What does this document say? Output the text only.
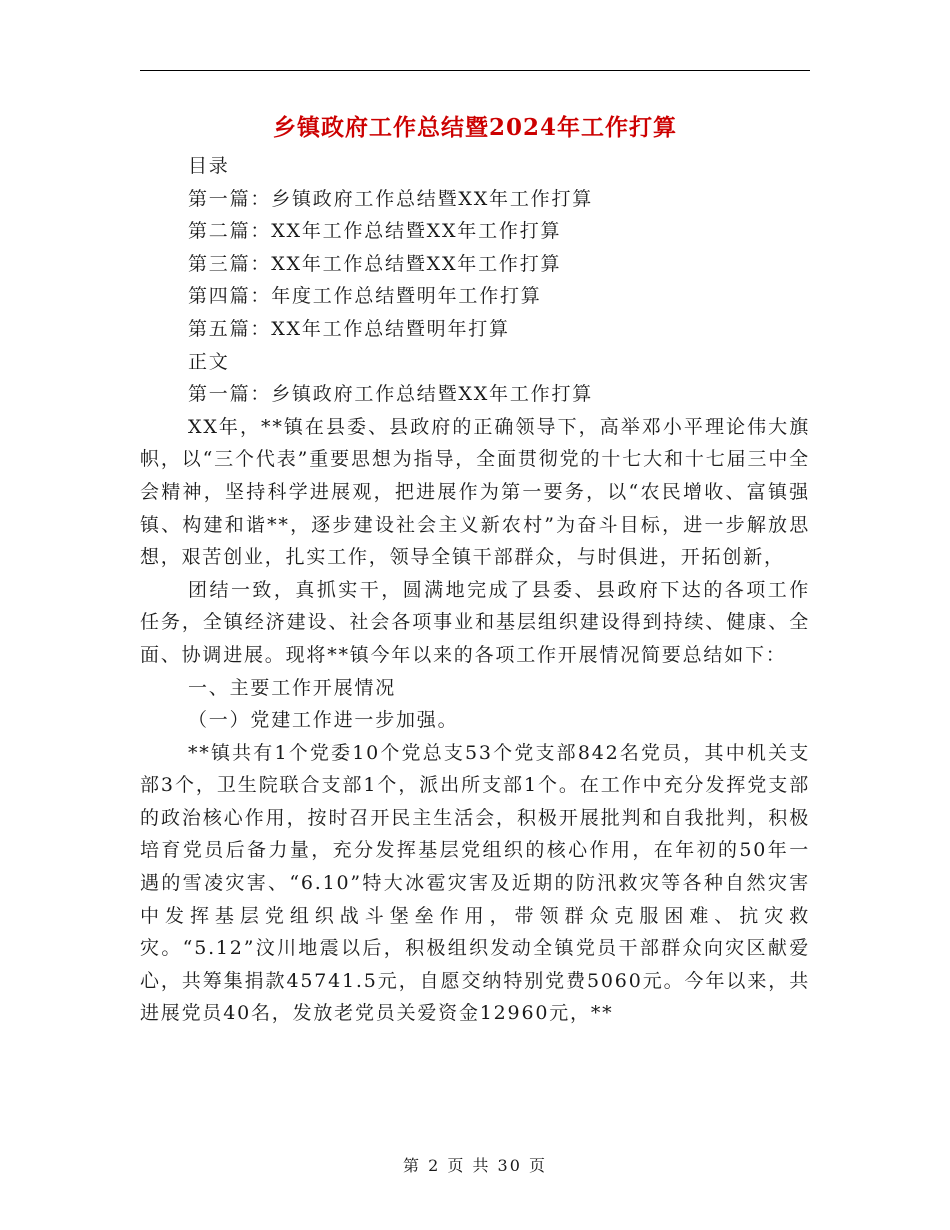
乡镇政府工作总结暨2024年工作打算

目录

第一篇：乡镇政府工作总结暨XX年工作打算

第二篇：XX年工作总结暨XX年工作打算

第三篇：XX年工作总结暨XX年工作打算

第四篇：年度工作总结暨明年工作打算

第五篇：XX年工作总结暨明年打算

正文

第一篇：乡镇政府工作总结暨XX年工作打算

XX年，**镇在县委、县政府的正确领导下，高举邓小平理论伟大旗帜，以“三个代表”重要思想为指导，全面贯彻党的十七大和十七届三中全会精神，坚持科学进展观，把进展作为第一要务，以“农民增收、富镇强镇、构建和谐**，逐步建设社会主义新农村”为奋斗目标，进一步解放思想，艰苦创业，扎实工作，领导全镇干部群众，与时俱进，开拓创新，

团结一致，真抓实干，圆满地完成了县委、县政府下达的各项工作任务，全镇经济建设、社会各项事业和基层组织建设得到持续、健康、全面、协调进展。现将**镇今年以来的各项工作开展情况简要总结如下：

一、主要工作开展情况

（一）党建工作进一步加强。

**镇共有1个党委10个党总支53个党支部842名党员，其中机关支部3个，卫生院联合支部1个，派出所支部1个。在工作中充分发挥党支部的政治核心作用，按时召开民主生活会，积极开展批判和自我批判，积极培育党员后备力量，充分发挥基层党组织的核心作用，在年初的50年一遇的雪凌灾害、“6.10”特大冰雹灾害及近期的防汛救灾等各种自然灾害中发挥基层党组织战斗堡垒作用，带领群众克服困难、抗灾救灾。“5.12”汶川地震以后，积极组织发动全镇党员干部群众向灾区献爱心，共筹集捐款45741.5元，自愿交纳特别党费5060元。今年以来，共进展党员40名，发放老党员关爱资金12960元，**

第 2 页 共 30 页
